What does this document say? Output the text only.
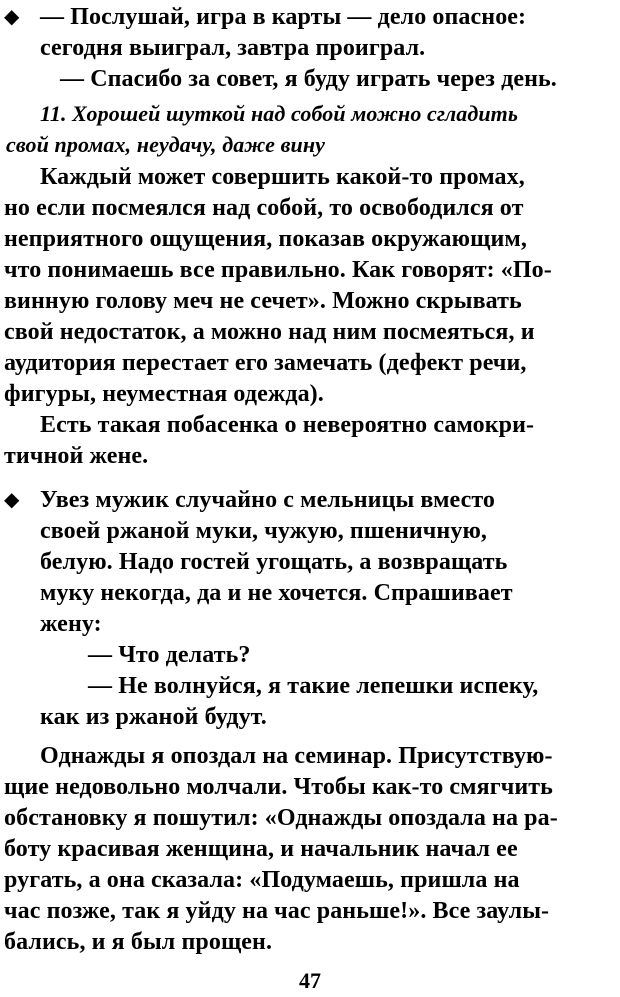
◆ — Послушай, игра в карты — дело опасное:
сегодня выиграл, завтра проиграл.
— Спасибо за совет, я буду играть через день.
11. Хорошей шуткой над собой можно сгладить
свой промах, неудачу, даже вину
Каждый может совершить какой-то промах,
но если посмеялся над собой, то освободился от
неприятного ощущения, показав окружающим,
что понимаешь все правильно. Как говорят: «По-
винную голову меч не сечет». Можно скрывать
свой недостаток, а можно над ним посмеяться, и
аудитория перестает его замечать (дефект речи,
фигуры, неуместная одежда).
Есть такая побасенка о невероятно самокри-
тичной жене.
◆ Увез мужик случайно с мельницы вместо
своей ржаной муки, чужую, пшеничную,
белую. Надо гостей угощать, а возвращать
муку некогда, да и не хочется. Спрашивает
жену:
— Что делать?
— Не волнуйся, я такие лепешки испеку,
как из ржаной будут.
Однажды я опоздал на семинар. Присутствую-
щие недовольно молчали. Чтобы как-то смягчить
обстановку я пошутил: «Однажды опоздала на ра-
боту красивая женщина, и начальник начал ее
ругать, а она сказала: «Подумаешь, пришла на
час позже, так я уйду на час раньше!». Все заулы-
бались, и я был прощен.
47
